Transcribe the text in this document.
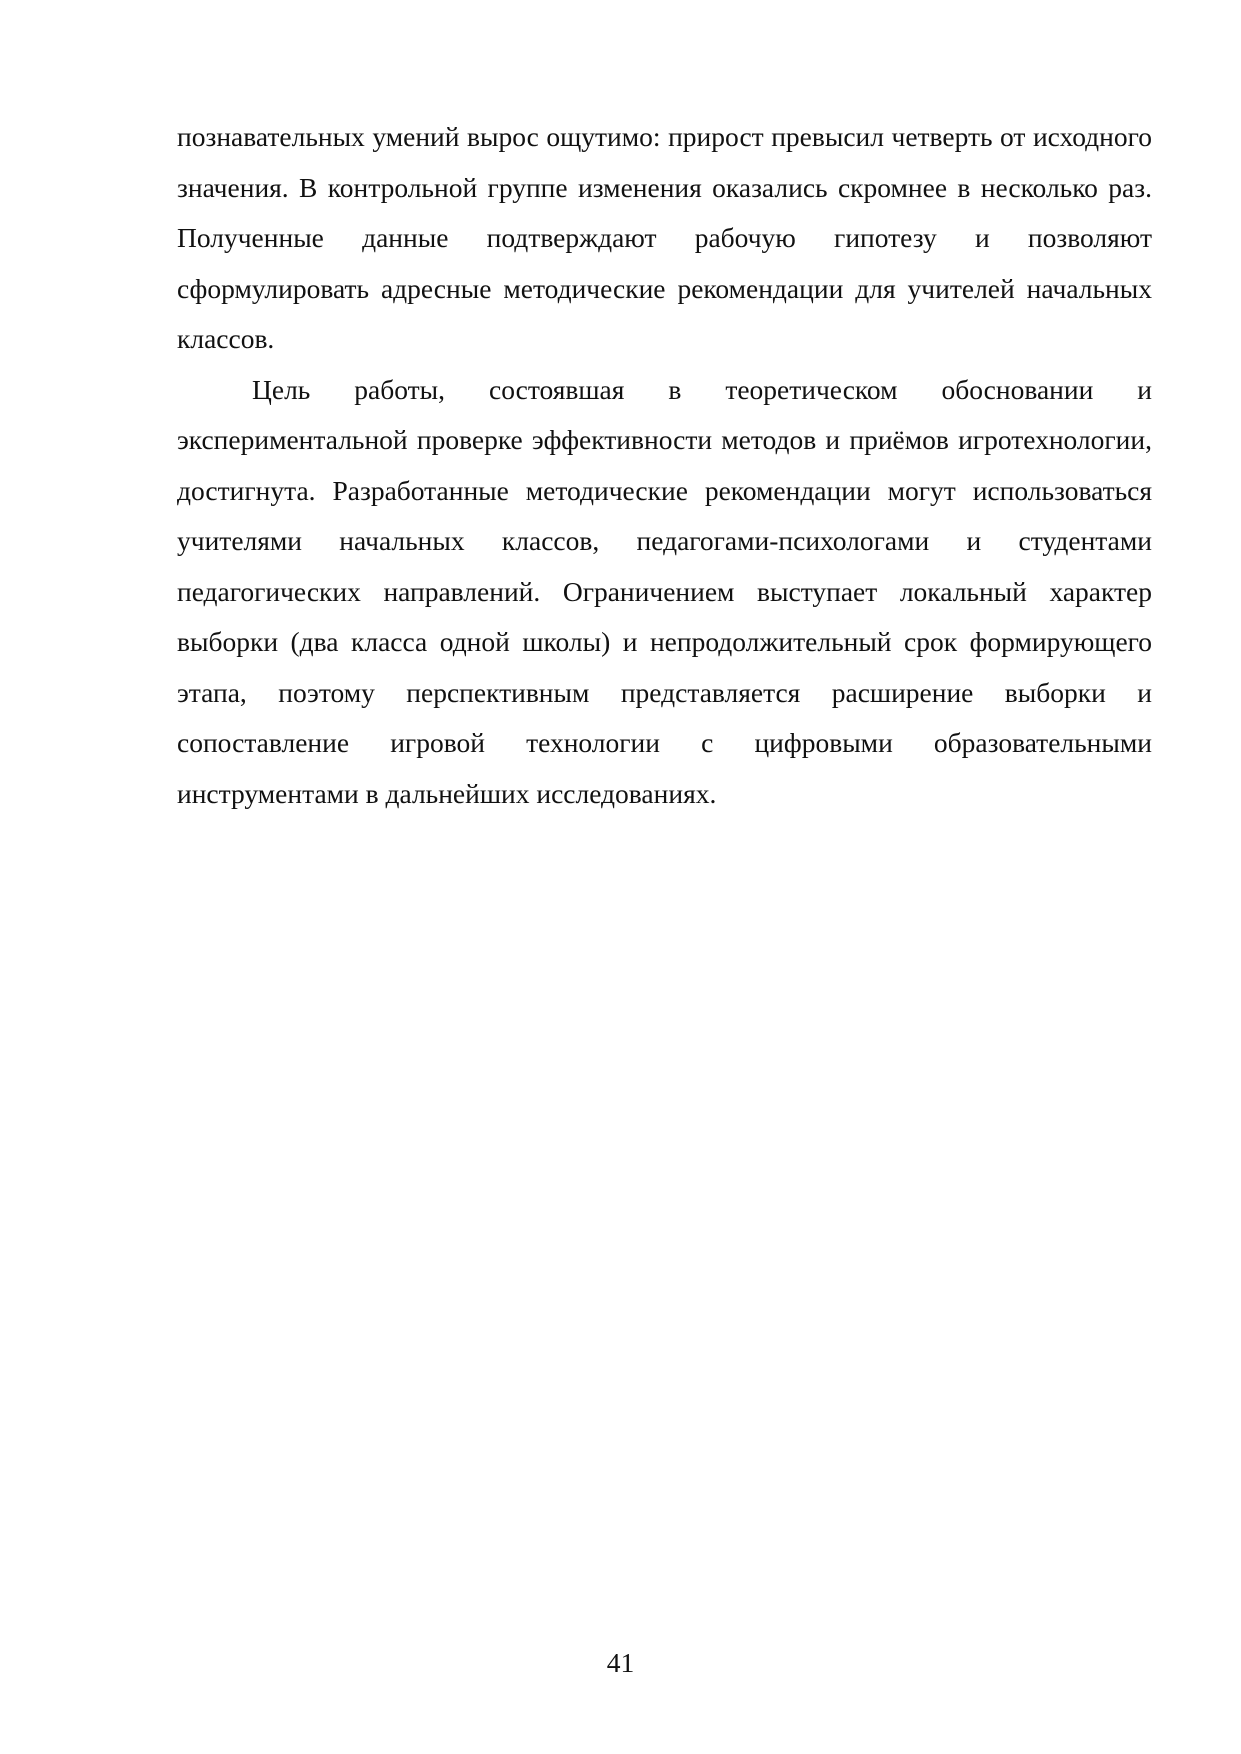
познавательных умений вырос ощутимо: прирост превысил четверть от исходного значения. В контрольной группе изменения оказались скромнее в несколько раз. Полученные данные подтверждают рабочую гипотезу и позволяют сформулировать адресные методические рекомендации для учителей начальных классов.

Цель работы, состоявшая в теоретическом обосновании и экспериментальной проверке эффективности методов и приёмов игротехнологии, достигнута. Разработанные методические рекомендации могут использоваться учителями начальных классов, педагогами-психологами и студентами педагогических направлений. Ограничением выступает локальный характер выборки (два класса одной школы) и непродолжительный срок формирующего этапа, поэтому перспективным представляется расширение выборки и сопоставление игровой технологии с цифровыми образовательными инструментами в дальнейших исследованиях.

41
